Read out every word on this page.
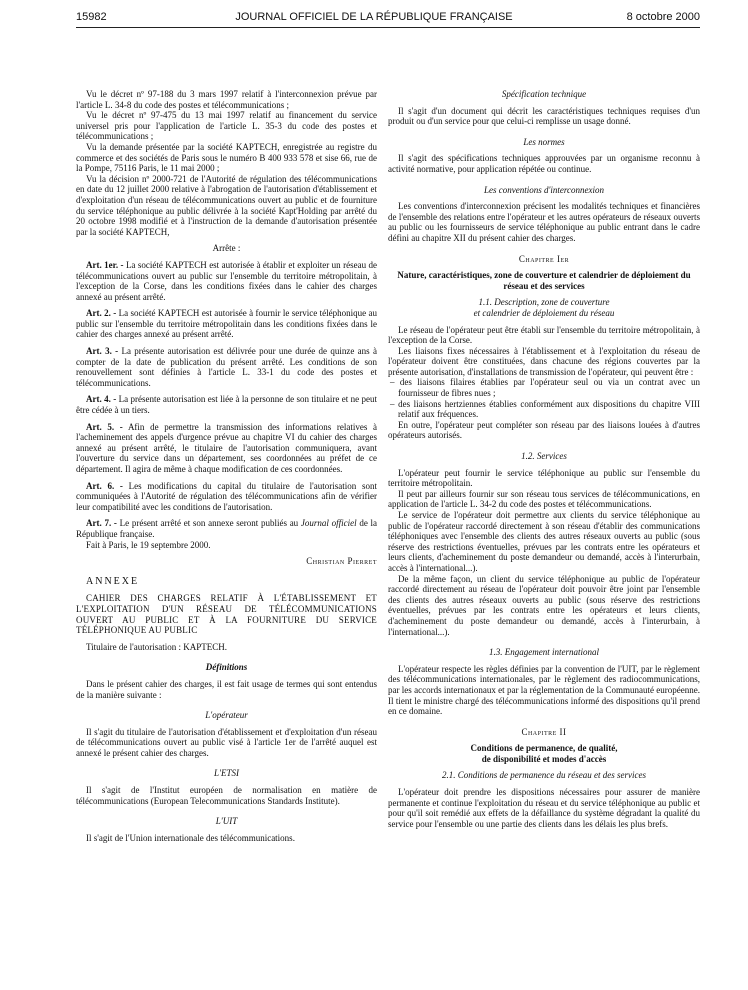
15982	JOURNAL OFFICIEL DE LA RÉPUBLIQUE FRANÇAISE	8 octobre 2000

Vu le décret nº 97-188 du 3 mars 1997 relatif à l'interconnexion prévue par l'article L. 34-8 du code des postes et télécommunications ;

Vu le décret nº 97-475 du 13 mai 1997 relatif au financement du service universel pris pour l'application de l'article L. 35-3 du code des postes et télécommunications ;

Vu la demande présentée par la société KAPTECH, enregistrée au registre du commerce et des sociétés de Paris sous le numéro B 400 933 578 et sise 66, rue de la Pompe, 75116 Paris, le 11 mai 2000 ;

Vu la décision nº 2000-721 de l'Autorité de régulation des télécommunications en date du 12 juillet 2000 relative à l'abrogation de l'autorisation d'établissement et d'exploitation d'un réseau de télécommunications ouvert au public et de fourniture du service téléphonique au public délivrée à la société Kapt'Holding par arrêté du 20 octobre 1998 modifié et à l'instruction de la demande d'autorisation présentée par la société KAPTECH,

Arrête :

Art. 1er. - La société KAPTECH est autorisée à établir et exploiter un réseau de télécommunications ouvert au public sur l'ensemble du territoire métropolitain, à l'exception de la Corse, dans les conditions fixées dans le cahier des charges annexé au présent arrêté.

Art. 2. - La société KAPTECH est autorisée à fournir le service téléphonique au public sur l'ensemble du territoire métropolitain dans les conditions fixées dans le cahier des charges annexé au présent arrêté.

Art. 3. - La présente autorisation est délivrée pour une durée de quinze ans à compter de la date de publication du présent arrêté. Les conditions de son renouvellement sont définies à l'article L. 33-1 du code des postes et télécommunications.

Art. 4. - La présente autorisation est liée à la personne de son titulaire et ne peut être cédée à un tiers.

Art. 5. - Afin de permettre la transmission des informations relatives à l'acheminement des appels d'urgence prévue au chapitre VI du cahier des charges annexé au présent arrêté, le titulaire de l'autorisation communiquera, avant l'ouverture du service dans un département, ses coordonnées au préfet de ce département. Il agira de même à chaque modification de ces coordonnées.

Art. 6. - Les modifications du capital du titulaire de l'autorisation sont communiquées à l'Autorité de régulation des télécommunications afin de vérifier leur compatibilité avec les conditions de l'autorisation.

Art. 7. - Le présent arrêté et son annexe seront publiés au Journal officiel de la République française.

Fait à Paris, le 19 septembre 2000.

Christian Pierret

ANNEXE

CAHIER DES CHARGES RELATIF À L'ÉTABLISSEMENT ET L'EXPLOITATION D'UN RÉSEAU DE TÉLÉCOMMUNICATIONS OUVERT AU PUBLIC ET À LA FOURNITURE DU SERVICE TÉLÉPHONIQUE AU PUBLIC

Titulaire de l'autorisation : KAPTECH.

Définitions

Dans le présent cahier des charges, il est fait usage de termes qui sont entendus de la manière suivante :

L'opérateur

Il s'agit du titulaire de l'autorisation d'établissement et d'exploitation d'un réseau de télécommunications ouvert au public visé à l'article 1er de l'arrêté auquel est annexé le présent cahier des charges.

L'ETSI

Il s'agit de l'Institut européen de normalisation en matière de télécommunications (European Telecommunications Standards Institute).

L'UIT

Il s'agit de l'Union internationale des télécommunications.

Spécification technique

Il s'agit d'un document qui décrit les caractéristiques techniques requises d'un produit ou d'un service pour que celui-ci remplisse un usage donné.

Les normes

Il s'agit des spécifications techniques approuvées par un organisme reconnu à activité normative, pour application répétée ou continue.

Les conventions d'interconnexion

Les conventions d'interconnexion précisent les modalités techniques et financières de l'ensemble des relations entre l'opérateur et les autres opérateurs de réseaux ouverts au public ou les fournisseurs de service téléphonique au public entrant dans le cadre défini au chapitre XII du présent cahier des charges.

Chapitre Ier

Nature, caractéristiques, zone de couverture et calendrier de déploiement du réseau et des services

1.1. Description, zone de couverture

et calendrier de déploiement du réseau

Le réseau de l'opérateur peut être établi sur l'ensemble du territoire métropolitain, à l'exception de la Corse.

Les liaisons fixes nécessaires à l'établissement et à l'exploitation du réseau de l'opérateur doivent être constituées, dans chacune des régions couvertes par la présente autorisation, d'installations de transmission de l'opérateur, qui peuvent être :

– des liaisons filaires établies par l'opérateur seul ou via un contrat avec un fournisseur de fibres nues ;

– des liaisons hertziennes établies conformément aux dispositions du chapitre VIII relatif aux fréquences.

En outre, l'opérateur peut compléter son réseau par des liaisons louées à d'autres opérateurs autorisés.

1.2. Services

L'opérateur peut fournir le service téléphonique au public sur l'ensemble du territoire métropolitain.

Il peut par ailleurs fournir sur son réseau tous services de télécommunications, en application de l'article L. 34-2 du code des postes et télécommunications.

Le service de l'opérateur doit permettre aux clients du service téléphonique au public de l'opérateur raccordé directement à son réseau d'établir des communications téléphoniques avec l'ensemble des clients des autres réseaux ouverts au public (sous réserve des restrictions éventuelles, prévues par les contrats entre les opérateurs et leurs clients, d'acheminement du poste demandeur ou demandé, accès à l'interurbain, accès à l'international...).

De la même façon, un client du service téléphonique au public de l'opérateur raccordé directement au réseau de l'opérateur doit pouvoir être joint par l'ensemble des clients des autres réseaux ouverts au public (sous réserve des restrictions éventuelles, prévues par les contrats entre les opérateurs et leurs clients, d'acheminement du poste demandeur ou demandé, accès à l'interurbain, à l'international...).

1.3. Engagement international

L'opérateur respecte les règles définies par la convention de l'UIT, par le règlement des télécommunications internationales, par le règlement des radiocommunications, par les accords internationaux et par la réglementation de la Communauté européenne. Il tient le ministre chargé des télécommunications informé des dispositions qu'il prend en ce domaine.

Chapitre II

Conditions de permanence, de qualité,

de disponibilité et modes d'accès

2.1. Conditions de permanence du réseau et des services

L'opérateur doit prendre les dispositions nécessaires pour assurer de manière permanente et continue l'exploitation du réseau et du service téléphonique au public et pour qu'il soit remédié aux effets de la défaillance du système dégradant la qualité du service pour l'ensemble ou une partie des clients dans les délais les plus brefs.
